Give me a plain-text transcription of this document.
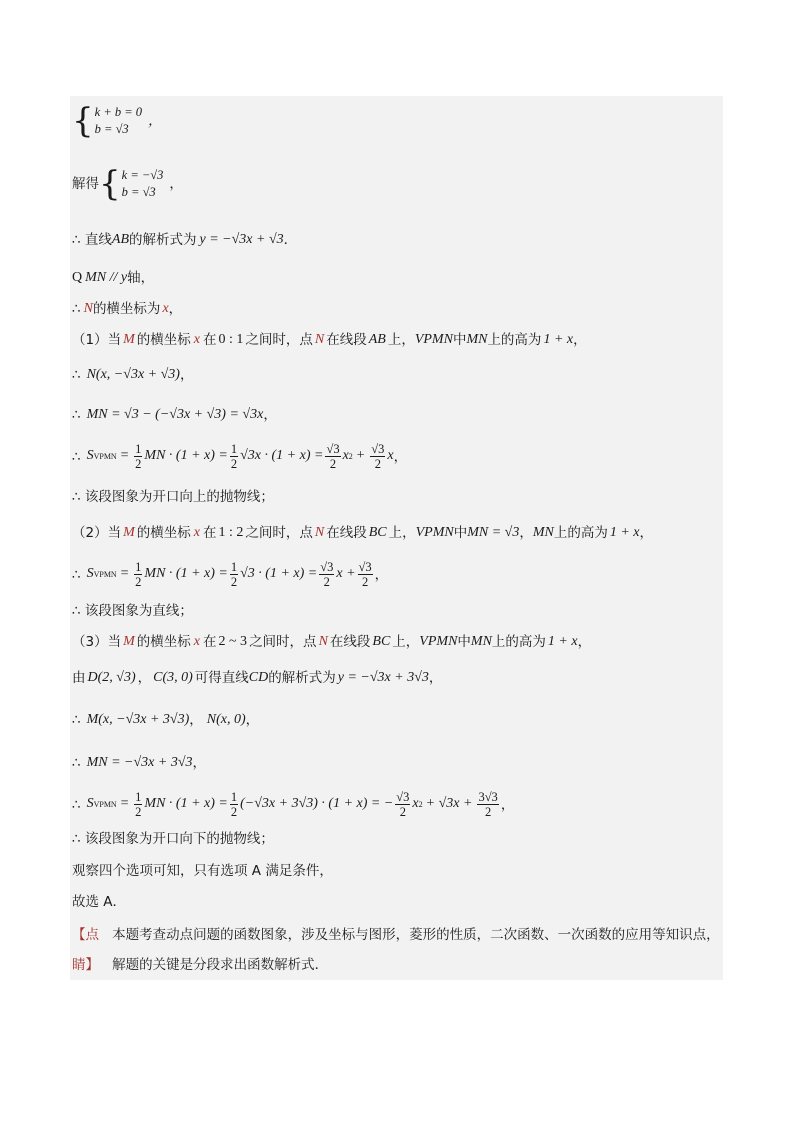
{ k + b = 0
b = √3
，
解得 { k = −√3
b = √3
，
∴ 直线 AB 的解析式为 y = −√3x + √3 ．
Q MN // y 轴，
∴ N 的横坐标为 x ，
（1）当 M 的横坐标 x 在 0 : 1 之间时，点 N 在线段 AB 上， VPMN 中 MN 上的高为 1 + x ，
∴ N(x, −√3x + √3) ，
∴ MN = √3 − (−√3x + √3) = √3x ，
∴ S VPMN = $\frac{1}{2}$ MN · $(1 + x) = \frac{1}{2} √3x \cdot (1 + x) = \frac{√3}{2}$ x $2 + \frac{√3}{2}$ x ，
∴ 该段图象为开口向上的抛物线；
（2）当 M 的横坐标 x 在 1 : 2 之间时，点 N 在线段 BC 上， VPMN 中 MN = √3 ， MN 上的高为 1 + x ，
∴ S VPMN = $\frac{1}{2}$ MN · $(1 + x) = \frac{1}{2} √3 \cdot (1 + x) = \frac{√3}{2}$ $x + \frac{√3}{2}$ ，
∴ 该段图象为直线；
（3）当 M 的横坐标 x 在 2 ~ 3 之间时，点 N 在线段 BC 上， VPMN 中 MN 上的高为 1 + x ，
由 D(2, √3) ， C(3, 0) 可得直线 CD 的解析式为 y = −√3x + 3√3 ，
∴ M(x, −√3x + 3√3) ， N(x, 0) ，
∴ MN = −√3x + 3√3 ，
∴ S VPMN = $\frac{1}{2}$ MN · $(1 + x) = \frac{1}{2} (-√3x + 3√3) \cdot (1 + x)$ = − $\frac{√3}{2}$ x $2 + √3x + \frac{3√3}{2}$ ，
∴ 该段图象为开口向下的抛物线；
观察四个选项可知，只有选项 A 满足条件，
故选 A．
【点睛】
本题考查动点问题的函数图象，涉及坐标与图形，菱形的性质，二次函数、一次函数的应用等知识点，解题的关键是分段求出函数解析式．
